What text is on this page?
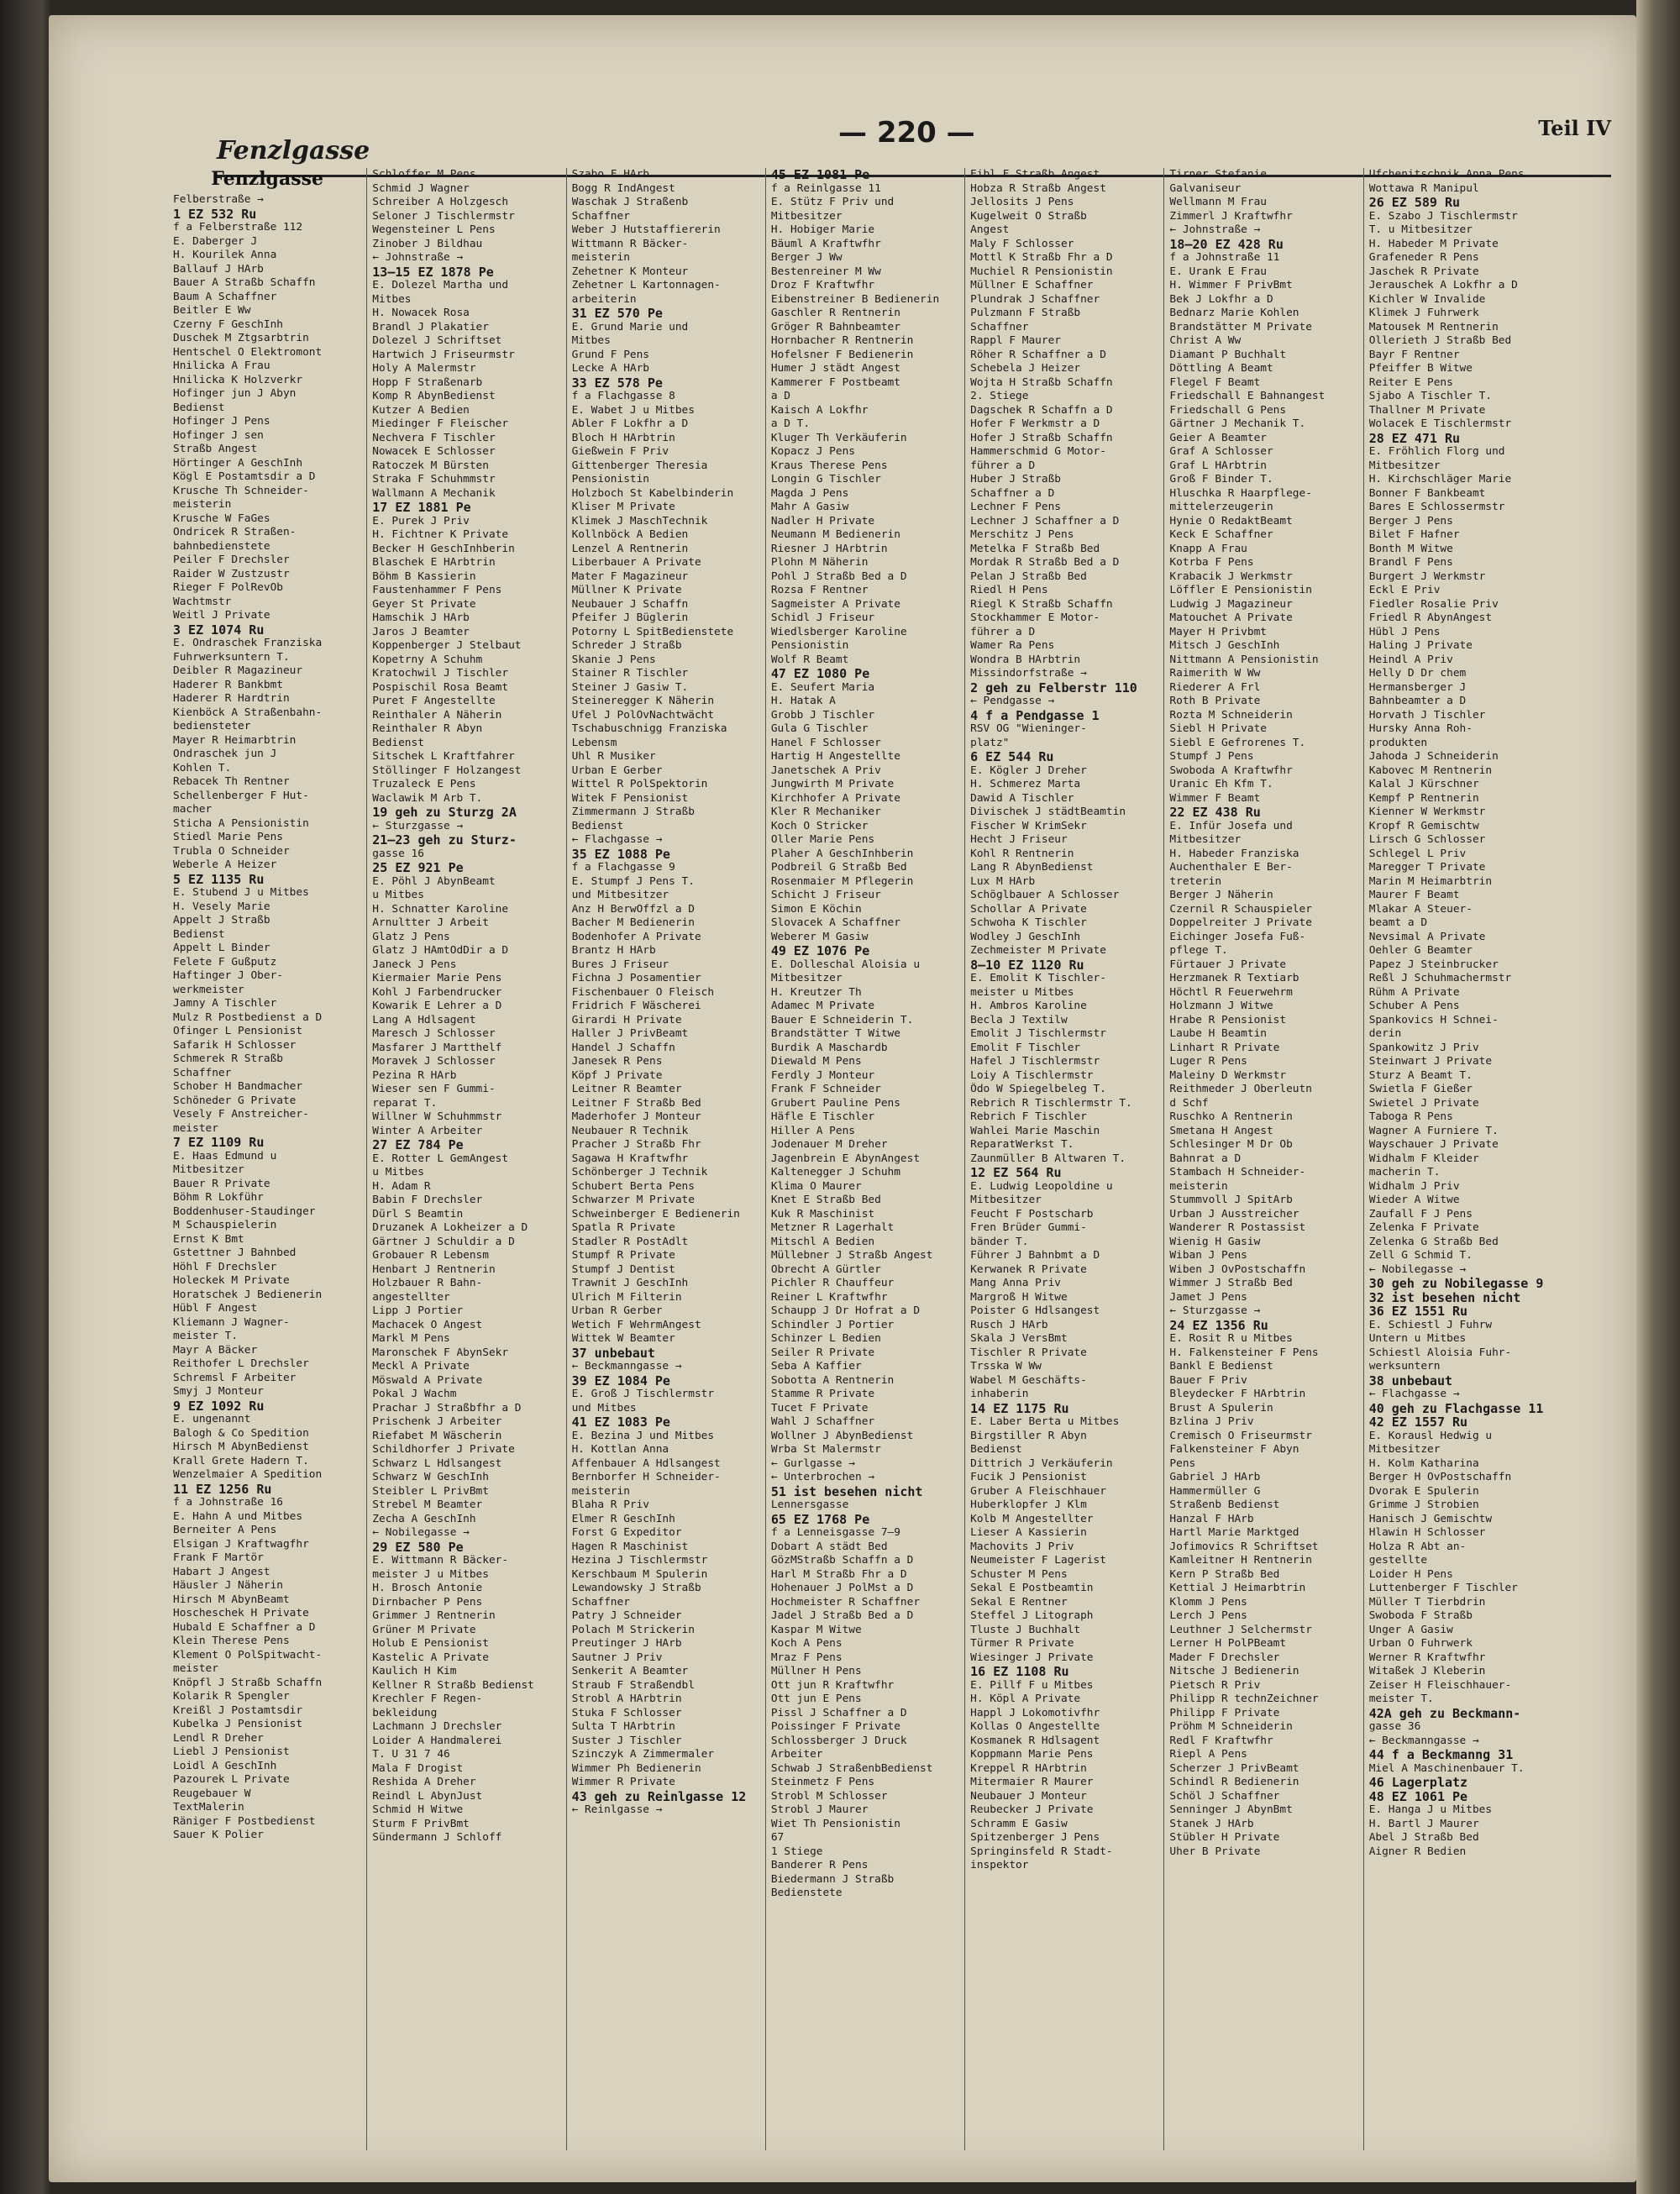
Fenzlgasse
— 220 —	Teil IV
Fenzlgasse
Felberstraße →
1 EZ 532 Ru
f a Felberstraße 112
E. Daberger J
H. Kourilek Anna
Ballauf J HArb
Bauer A Straßb Schaffn
Baum A Schaffner
Beitler E Ww
Czerny F GeschInh
Duschek M Ztgsarbtrin
Hentschel O Elektromont
Hnilicka A Frau
Hnilicka K Holzverkr
Hofinger jun J Abyn
Bedienst
Hofinger J Pens
Hofinger J sen
Straßb Angest
Hörtinger A GeschInh
Kögl E Postamtsdir a D
Krusche Th Schneider-
meisterin
Krusche W FaGes
Ondricek R Straßen-
bahnbedienstete
Peiler F Drechsler
Raider W Zustzustr
Rieger F PolRevOb
Wachtmstr
Weitl J Private
3 EZ 1074 Ru
E. Ondraschek Franziska
Fuhrwerksuntern T.
Deibler R Magazineur
Haderer R Bankbmt
Haderer R Hardtrin
Kienböck A Straßenbahn-
bediensteter
Mayer R Heimarbtrin
Ondraschek jun J
Kohlen T.
Rebacek Th Rentner
Schellenberger F Hut-
macher
Sticha A Pensionistin
Stiedl Marie Pens
Trubla O Schneider
Weberle A Heizer
5 EZ 1135 Ru
E. Stubend J u Mitbes
H. Vesely Marie
Appelt J Straßb
Bedienst
Appelt L Binder
Felete F Gußputz
Haftinger J Ober-
werkmeister
Jamny A Tischler
Mulz R Postbedienst a D
Ofinger L Pensionist
Safarik H Schlosser
Schmerek R Straßb
Schaffner
Schober H Bandmacher
Schöneder G Private
Vesely F Anstreicher-
meister
7 EZ 1109 Ru
E. Haas Edmund u
Mitbesitzer
Bauer R Private
Böhm R Lokführ
Boddenhuser-Staudinger
M Schauspielerin
Ernst K Bmt
Gstettner J Bahnbed
Höhl F Drechsler
Holeckek M Private
Horatschek J Bedienerin
Hübl F Angest
Kliemann J Wagner-
meister T.
Mayr A Bäcker
Reithofer L Drechsler
Schremsl F Arbeiter
Smyj J Monteur
9 EZ 1092 Ru
E. ungenannt
Balogh & Co Spedition
Hirsch M AbynBedienst
Krall Grete Hadern T.
Wenzelmaier A Spedition
11 EZ 1256 Ru
f a Johnstraße 16
E. Hahn A und Mitbes
Berneiter A Pens
Elsigan J Kraftwagfhr
Frank F Martör
Habart J Angest
Häusler J Näherin
Hirsch M AbynBeamt
Hoscheschek H Private
Hubald E Schaffner a D
Klein Therese Pens
Klement O PolSpitwacht-
meister
Knöpfl J Straßb Schaffn
Kolarik R Spengler
Kreißl J Postamtsdir
Kubelka J Pensionist
Lendl R Dreher
Liebl J Pensionist
Loidl A GeschInh
Pazourek L Private
Reugebauer W
TextMalerin
Räniger F Postbedienst
Sauer K Polier
Schloffer M Pens
Schmid J Wagner
Schreiber A Holzgesch
Seloner J Tischlermstr
Wegensteiner L Pens
Zinober J Bildhau
← Johnstraße →
13–15 EZ 1878 Pe
E. Dolezel Martha und
Mitbes
H. Nowacek Rosa
Brandl J Plakatier
Dolezel J Schriftset
Hartwich J Friseurmstr
Holy A Malermstr
Hopp F Straßenarb
Komp R AbynBedienst
Kutzer A Bedien
Miedinger F Fleischer
Nechvera F Tischler
Nowacek E Schlosser
Ratoczek M Bürsten
Straka F Schuhmmstr
Wallmann A Mechanik
17 EZ 1881 Pe
E. Purek J Priv
H. Fichtner K Private
Becker H GeschInhberin
Blaschek E HArbtrin
Böhm B Kassierin
Faustenhammer F Pens
Geyer St Private
Hamschik J HArb
Jaros J Beamter
Koppenberger J Stelbaut
Kopetrny A Schuhm
Kratochwil J Tischler
Pospischil Rosa Beamt
Puret F Angestellte
Reinthaler A Näherin
Reinthaler R Abyn
Bedienst
Sitschek L Kraftfahrer
Stöllinger F Holzangest
Truzaleck E Pens
Waclawik M Arb T.
19 geh zu Sturzg 2A
← Sturzgasse →
21–23 geh zu Sturz-
gasse 16
25 EZ 921 Pe
E. Pöhl J AbynBeamt
u Mitbes
H. Schnatter Karoline
Arnultter J Arbeit
Glatz J Pens
Glatz J HAmtOdDir a D
Janeck J Pens
Kiermaier Marie Pens
Kohl J Farbendrucker
Kowarik E Lehrer a D
Lang A Hdlsagent
Maresch J Schlosser
Masfarer J Martthelf
Moravek J Schlosser
Pezina R HArb
Wieser sen F Gummi-
reparat T.
Willner W Schuhmmstr
Winter A Arbeiter
27 EZ 784 Pe
E. Rotter L GemAngest
u Mitbes
H. Adam R
Babin F Drechsler
Dürl S Beamtin
Druzanek A Lokheizer a D
Gärtner J Schuldir a D
Grobauer R Lebensm
Henbart J Rentnerin
Holzbauer R Bahn-
angestellter
Lipp J Portier
Machacek O Angest
Markl M Pens
Maronschek F AbynSekr
Meckl A Private
Möswald A Private
Pokal J Wachm
Prachar J Straßbfhr a D
Prischenk J Arbeiter
Riefabet M Wäscherin
Schildhorfer J Private
Schwarz L Hdlsangest
Schwarz W GeschInh
Steibler L PrivBmt
Strebel M Beamter
Zecha A GeschInh
← Nobilegasse →
29 EZ 580 Pe
E. Wittmann R Bäcker-
meister J u Mitbes
H. Brosch Antonie
Dirnbacher P Pens
Grimmer J Rentnerin
Grüner M Private
Holub E Pensionist
Kastelic A Private
Kaulich H Kim
Kellner R Straßb Bedienst
Krechler F Regen-
bekleidung
Lachmann J Drechsler
Loider A Handmalerei
T. U 31 7 46
Mala F Drogist
Reshida A Dreher
Reindl L AbynJust
Schmid H Witwe
Sturm F PrivBmt
Sündermann J Schloff
Szabo F HArb
Bogg R IndAngest
Waschak J Straßenb
Schaffner
Weber J Hutstaffiererin
Wittmann R Bäcker-
meisterin
Zehetner K Monteur
Zehetner L Kartonnagen-
arbeiterin
31 EZ 570 Pe
E. Grund Marie und
Mitbes
Grund F Pens
Lecke A HArb
33 EZ 578 Pe
f a Flachgasse 8
E. Wabet J u Mitbes
Abler F Lokfhr a D
Bloch H HArbtrin
Gießwein F Priv
Gittenberger Theresia
Pensionistin
Holzboch St Kabelbinderin
Kliser M Private
Klimek J MaschTechnik
Kollnböck A Bedien
Lenzel A Rentnerin
Liberbauer A Private
Mater F Magazineur
Müllner K Private
Neubauer J Schaffn
Pfeifer J Büglerin
Potorny L SpitBedienstete
Schreder J Straßb
Skanie J Pens
Stainer R Tischler
Steiner J Gasiw T.
Steineregger K Näherin
Ufel J PolOvNachtwächt
Tschabuschnigg Franziska
Lebensm
Uhl R Musiker
Urban E Gerber
Wittel R PolSpektorin
Witek F Pensionist
Zimmermann J Straßb
Bedienst
← Flachgasse →
35 EZ 1088 Pe
f a Flachgasse 9
E. Stumpf J Pens T.
und Mitbesitzer
Anz H BerwOffzl a D
Bacher M Bedienerin
Bodenhofer A Private
Brantz H HArb
Bures J Friseur
Fichna J Posamentier
Fischenbauer O Fleisch
Fridrich F Wäscherei
Girardi H Private
Haller J PrivBeamt
Handel J Schaffn
Janesek R Pens
Köpf J Private
Leitner R Beamter
Leitner F Straßb Bed
Maderhofer J Monteur
Neubauer R Technik
Pracher J Straßb Fhr
Sagawa H Kraftwfhr
Schönberger J Technik
Schubert Berta Pens
Schwarzer M Private
Schweinberger E Bedienerin
Spatla R Private
Stadler R PostAdlt
Stumpf R Private
Stumpf J Dentist
Trawnit J GeschInh
Ulrich M Filterin
Urban R Gerber
Wetich F WehrmAngest
Wittek W Beamter
37 unbebaut
← Beckmanngasse →
39 EZ 1084 Pe
E. Groß J Tischlermstr
und Mitbes
41 EZ 1083 Pe
E. Bezina J und Mitbes
H. Kottlan Anna
Affenbauer A Hdlsangest
Bernborfer H Schneider-
meisterin
Blaha R Priv
Elmer R GeschInh
Forst G Expeditor
Hagen R Maschinist
Hezina J Tischlermstr
Kerschbaum M Spulerin
Lewandowsky J Straßb
Schaffner
Patry J Schneider
Polach M Strickerin
Preutinger J HArb
Sautner J Priv
Senkerit A Beamter
Straub F Straßendbl
Strobl A HArbtrin
Stuka F Schlosser
Sulta T HArbtrin
Suster J Tischler
Szinczyk A Zimmermaler
Wimmer Ph Bedienerin
Wimmer R Private
43 geh zu Reinlgasse 12
← Reinlgasse →
45 EZ 1081 Pe
f a Reinlgasse 11
E. Stütz F Priv und
Mitbesitzer
H. Hobiger Marie
Bäuml A Kraftwfhr
Berger J Ww
Bestenreiner M Ww
Droz F Kraftwfhr
Eibenstreiner B Bedienerin
Gaschler R Rentnerin
Gröger R Bahnbeamter
Hornbacher R Rentnerin
Hofelsner F Bedienerin
Humer J städt Angest
Kammerer F Postbeamt
a D
Kaisch A Lokfhr
a D T.
Kluger Th Verkäuferin
Kopacz J Pens
Kraus Therese Pens
Longin G Tischler
Magda J Pens
Mahr A Gasiw
Nadler H Private
Neumann M Bedienerin
Riesner J HArbtrin
Plohn M Näherin
Pohl J Straßb Bed a D
Rozsa F Rentner
Sagmeister A Private
Schidl J Friseur
Wiedlsberger Karoline
Pensionistin
Wolf R Beamt
47 EZ 1080 Pe
E. Seufert Maria
H. Hatak A
Grobb J Tischler
Gula G Tischler
Hanel F Schlosser
Hartig H Angestellte
Janetschek A Priv
Jungwirth M Private
Kirchhofer A Private
Kler R Mechaniker
Koch O Stricker
Oller Marie Pens
Plaher A GeschInhberin
Podbreil G Straßb Bed
Rosenmaier M Pflegerin
Schicht J Friseur
Simon E Köchin
Slovacek A Schaffner
Weberer M Gasiw
49 EZ 1076 Pe
E. Dolleschal Aloisia u
Mitbesitzer
H. Kreutzer Th
Adamec M Private
Bauer E Schneiderin T.
Brandstätter T Witwe
Burdik A Maschardb
Diewald M Pens
Ferdly J Monteur
Frank F Schneider
Grubert Pauline Pens
Häfle E Tischler
Hiller A Pens
Jodenauer M Dreher
Jagenbrein E AbynAngest
Kaltenegger J Schuhm
Klima O Maurer
Knet E Straßb Bed
Kuk R Maschinist
Metzner R Lagerhalt
Mitschl A Bedien
Müllebner J Straßb Angest
Obrecht A Gürtler
Pichler R Chauffeur
Reiner L Kraftwfhr
Schaupp J Dr Hofrat a D
Schindler J Portier
Schinzer L Bedien
Seiler R Private
Seba A Kaffier
Sobotta A Rentnerin
Stamme R Private
Tucet F Private
Wahl J Schaffner
Wollner J AbynBedienst
Wrba St Malermstr
← Gurlgasse →
← Unterbrochen →
51 ist besehen nicht
Lennersgasse
65 EZ 1768 Pe
f a Lenneisgasse 7–9
Dobart A städt Bed
GözMStraßb Schaffn a D
Harl M Straßb Fhr a D
Hohenauer J PolMst a D
Hochmeister R Schaffner
Jadel J Straßb Bed a D
Kaspar M Witwe
Koch A Pens
Mraz F Pens
Müllner H Pens
Ott jun R Kraftwfhr
Ott jun E Pens
Pissl J Schaffner a D
Poissinger F Private
Schlossberger J Druck
Arbeiter
Schwab J StraßenbBedienst
Steinmetz F Pens
Strobl M Schlosser
Strobl J Maurer
Wiet Th Pensionistin
67
1 Stiege
Banderer R Pens
Biedermann J Straßb
Bedienstete
Eibl F Straßb Angest
Hobza R Straßb Angest
Jellosits J Pens
Kugelweit O Straßb
Angest
Maly F Schlosser
Mottl K Straßb Fhr a D
Muchiel R Pensionistin
Müllner E Schaffner
Plundrak J Schaffner
Pulzmann F Straßb
Schaffner
Rappl F Maurer
Röher R Schaffner a D
Schebela J Heizer
Wojta H Straßb Schaffn
2. Stiege
Dagschek R Schaffn a D
Hofer F Werkmstr a D
Hofer J Straßb Schaffn
Hammerschmid G Motor-
führer a D
Huber J Straßb
Schaffner a D
Lechner F Pens
Lechner J Schaffner a D
Merschitz J Pens
Metelka F Straßb Bed
Mordak R Straßb Bed a D
Pelan J Straßb Bed
Riedl H Pens
Riegl K Straßb Schaffn
Stockhammer E Motor-
führer a D
Wamer Ra Pens
Wondra B HArbtrin
Missindorfstraße →
2 geh zu Felberstr 110
← Pendgasse →
4 f a Pendgasse 1
RSV OG "Wieninger-
platz"
6 EZ 544 Ru
E. Kögler J Dreher
H. Schmerez Marta
Dawid A Tischler
Divischek J städtBeamtin
Fischer W KrimSekr
Hecht J Friseur
Kohl R Rentnerin
Lang R AbynBedienst
Lux M HArb
Schöglbauer A Schlosser
Schollar A Private
Schwoha K Tischler
Wodley J GeschInh
Zechmeister M Private
8–10 EZ 1120 Ru
E. Emolit K Tischler-
meister u Mitbes
H. Ambros Karoline
Becla J Textilw
Emolit J Tischlermstr
Emolit F Tischler
Hafel J Tischlermstr
Loiy A Tischlermstr
Ödo W Spiegelbeleg T.
Rebrich R Tischlermstr T.
Rebrich F Tischler
Wahlei Marie Maschin
ReparatWerkst T.
Zaunmüller B Altwaren T.
12 EZ 564 Ru
E. Ludwig Leopoldine u
Mitbesitzer
Feucht F Postscharb
Fren Brüder Gummi-
bänder T.
Führer J Bahnbmt a D
Kerwanek R Private
Mang Anna Priv
Margroß H Witwe
Poister G Hdlsangest
Rusch J HArb
Skala J VersBmt
Tischler R Private
Trsska W Ww
Wabel M Geschäfts-
inhaberin
14 EZ 1175 Ru
E. Laber Berta u Mitbes
Birgstiller R Abyn
Bedienst
Dittrich J Verkäuferin
Fucik J Pensionist
Gruber A Fleischhauer
Huberklopfer J Klm
Kolb M Angestellter
Lieser A Kassierin
Machovits J Priv
Neumeister F Lagerist
Schuster M Pens
Sekal E Postbeamtin
Sekal E Rentner
Steffel J Litograph
Tluste J Buchhalt
Türmer R Private
Wiesinger J Private
16 EZ 1108 Ru
E. Pillf F u Mitbes
H. Köpl A Private
Happl J Lokomotivfhr
Kollas O Angestellte
Kosmanek R Hdlsagent
Koppmann Marie Pens
Kreppel R HArbtrin
Mitermaier R Maurer
Neubauer J Monteur
Reubecker J Private
Schramm E Gasiw
Spitzenberger J Pens
Springinsfeld R Stadt-
inspektor
Tirner Stefanie
Galvaniseur
Wellmann M Frau
Zimmerl J Kraftwfhr
← Johnstraße →
18–20 EZ 428 Ru
f a Johnstraße 11
E. Urank E Frau
H. Wimmer F PrivBmt
Bek J Lokfhr a D
Bednarz Marie Kohlen
Brandstätter M Private
Christ A Ww
Diamant P Buchhalt
Döttling A Beamt
Flegel F Beamt
Friedschall E Bahnangest
Friedschall G Pens
Gärtner J Mechanik T.
Geier A Beamter
Graf A Schlosser
Graf L HArbtrin
Groß F Binder T.
Hluschka R Haarpflege-
mittelerzeugerin
Hynie O RedaktBeamt
Keck E Schaffner
Knapp A Frau
Kotrba F Pens
Krabacik J Werkmstr
Löffler E Pensionistin
Ludwig J Magazineur
Matouchet A Private
Mayer H Privbmt
Mitsch J GeschInh
Nittmann A Pensionistin
Raimerith W Ww
Riederer A Frl
Roth B Private
Rozta M Schneiderin
Siebl H Private
Siebl E Gefrorenes T.
Stumpf J Pens
Swoboda A Kraftwfhr
Uranic Eh Kfm T.
Wimmer F Beamt
22 EZ 438 Ru
E. Infür Josefa und
Mitbesitzer
H. Habeder Franziska
Auchenthaler E Ber-
treterin
Berger J Näherin
Czernil R Schauspieler
Doppelreiter J Private
Eichinger Josefa Fuß-
pflege T.
Fürtauer J Private
Herzmanek R Textiarb
Höchtl R Feuerwehrm
Holzmann J Witwe
Hrabe R Pensionist
Laube H Beamtin
Linhart R Private
Luger R Pens
Maleiny D Werkmstr
Reithmeder J Oberleutn
d Schf
Ruschko A Rentnerin
Smetana H Angest
Schlesinger M Dr Ob
Bahnrat a D
Stambach H Schneider-
meisterin
Stummvoll J SpitArb
Urban J Ausstreicher
Wanderer R Postassist
Wienig H Gasiw
Wiban J Pens
Wiben J OvPostschaffn
Wimmer J Straßb Bed
Jamet J Pens
← Sturzgasse →
24 EZ 1356 Ru
E. Rosit R u Mitbes
H. Falkensteiner F Pens
Bankl E Bedienst
Bauer F Priv
Bleydecker F HArbtrin
Brust A Spulerin
Bzlina J Priv
Cremisch O Friseurmstr
Falkensteiner F Abyn
Pens
Gabriel J HArb
Hammermüller G
Straßenb Bedienst
Hanzal F HArb
Hartl Marie Marktged
Jofimovics R Schriftset
Kamleitner H Rentnerin
Kern P Straßb Bed
Kettial J Heimarbtrin
Klomm J Pens
Lerch J Pens
Leuthner J Selchermstr
Lerner H PolPBeamt
Mader F Drechsler
Nitsche J Bedienerin
Pietsch R Priv
Philipp R technZeichner
Philipp F Private
Pröhm M Schneiderin
Redl F Kraftwfhr
Riepl A Pens
Scherzer J PrivBeamt
Schindl R Bedienerin
Schöl J Schaffner
Senninger J AbynBmt
Stanek J HArb
Stübler H Private
Uher B Private
Ufchenitschnik Anna Pens
Wottawa R Manipul
26 EZ 589 Ru
E. Szabo J Tischlermstr
T. u Mitbesitzer
H. Habeder M Private
Grafeneder R Pens
Jaschek R Private
Jerauschek A Lokfhr a D
Kichler W Invalide
Klimek J Fuhrwerk
Matousek M Rentnerin
Ollerieth J Straßb Bed
Bayr F Rentner
Pfeiffer B Witwe
Reiter E Pens
Sjabo A Tischler T.
Thallner M Private
Wolacek E Tischlermstr
28 EZ 471 Ru
E. Fröhlich Florg und
Mitbesitzer
H. Kirchschläger Marie
Bonner F Bankbeamt
Bares E Schlossermstr
Berger J Pens
Bilet F Hafner
Bonth M Witwe
Brandl F Pens
Burgert J Werkmstr
Eckl E Priv
Fiedler Rosalie Priv
Friedl R AbynAngest
Hübl J Pens
Haling J Private
Heindl A Priv
Helly D Dr chem
Hermansberger J
Bahnbeamter a D
Horvath J Tischler
Hursky Anna Roh-
produkten
Jahoda J Schneiderin
Kabovec M Rentnerin
Kalal J Kürschner
Kempf P Rentnerin
Kienner W Werkmstr
Kropf R Gemischtw
Lirsch G Schlosser
Schlegel L Priv
Maregger T Private
Marin M Heimarbtrin
Maurer F Beamt
Mlakar A Steuer-
beamt a D
Nevsimal A Private
Oehler G Beamter
Papez J Steinbrucker
Reßl J Schuhmachermstr
Rühm A Private
Schuber A Pens
Spankovics H Schnei-
derin
Spankowitz J Priv
Steinwart J Private
Sturz A Beamt T.
Swietla F Gießer
Swietel J Private
Taboga R Pens
Wagner A Furniere T.
Wayschauer J Private
Widhalm F Kleider
macherin T.
Widhalm J Priv
Wieder A Witwe
Zaufall F J Pens
Zelenka F Private
Zelenka G Straßb Bed
Zell G Schmid T.
← Nobilegasse →
30 geh zu Nobilegasse 9
32 ist besehen nicht
36 EZ 1551 Ru
E. Schiestl J Fuhrw
Untern u Mitbes
Schiestl Aloisia Fuhr-
werksuntern
38 unbebaut
← Flachgasse →
40 geh zu Flachgasse 11
42 EZ 1557 Ru
E. Korausl Hedwig u
Mitbesitzer
H. Kolm Katharina
Berger H OvPostschaffn
Dvorak E Spulerin
Grimme J Strobien
Hanisch J Gemischtw
Hlawin H Schlosser
Holza R Abt an-
gestellte
Loider H Pens
Luttenberger F Tischler
Müller T Tierbdrin
Swoboda F Straßb
Unger A Gasiw
Urban O Fuhrwerk
Werner R Kraftwfhr
Witaßek J Kleberin
Zeiser H Fleischhauer-
meister T.
42A geh zu Beckmann-
gasse 36
← Beckmanngasse →
44 f a Beckmanng 31
Miel A Maschinenbauer T.
46 Lagerplatz
48 EZ 1061 Pe
E. Hanga J u Mitbes
H. Bartl J Maurer
Abel J Straßb Bed
Aigner R Bedien
